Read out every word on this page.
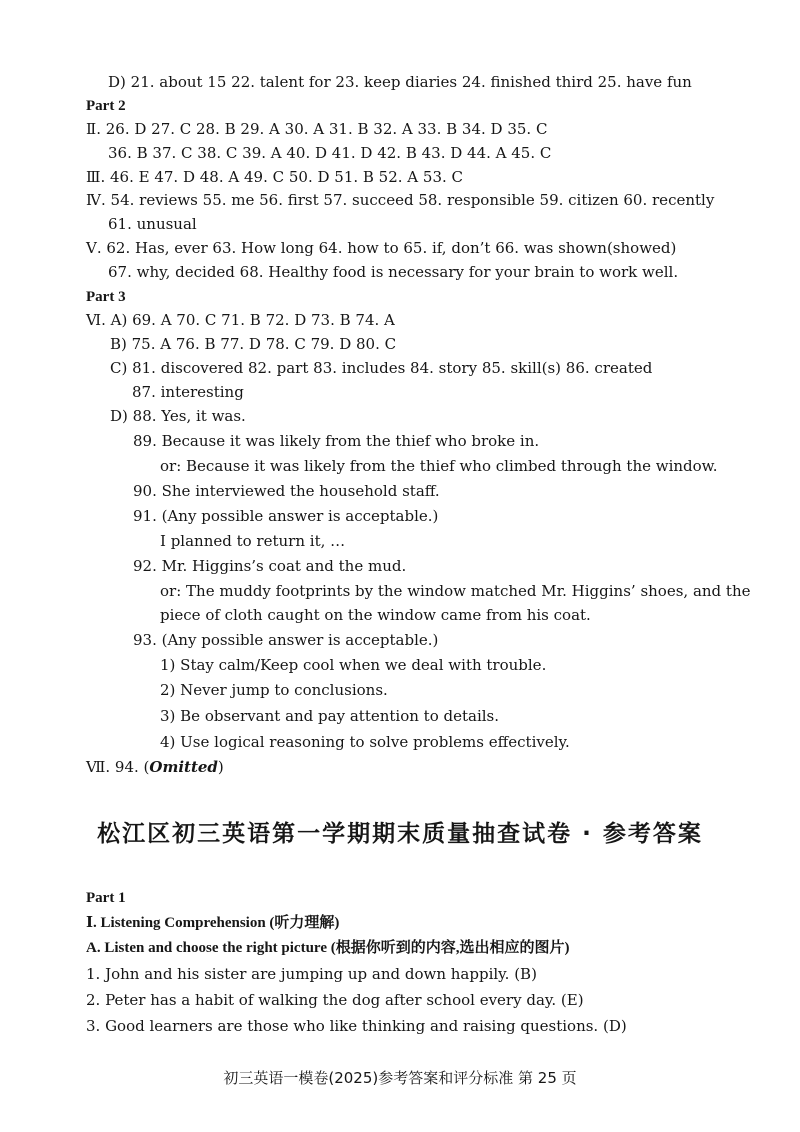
D) 21. about 15 22. talent for 23. keep diaries 24. finished third 25. have fun
Part 2
Ⅱ. 26. D 27. C 28. B 29. A 30. A 31. B 32. A 33. B 34. D 35. C
36. B 37. C 38. C 39. A 40. D 41. D 42. B 43. D 44. A 45. C
Ⅲ. 46. E 47. D 48. A 49. C 50. D 51. B 52. A 53. C
Ⅳ. 54. reviews 55. me 56. first 57. succeed 58. responsible 59. citizen 60. recently
61. unusual
Ⅴ. 62. Has, ever 63. How long 64. how to 65. if, don’t 66. was shown(showed)
67. why, decided 68. Healthy food is necessary for your brain to work well.
Part 3
Ⅵ. A) 69. A 70. C 71. B 72. D 73. B 74. A
B) 75. A 76. B 77. D 78. C 79. D 80. C
C) 81. discovered 82. part 83. includes 84. story 85. skill(s) 86. created
87. interesting
D) 88. Yes, it was.
89. Because it was likely from the thief who broke in.
or: Because it was likely from the thief who climbed through the window.
90. She interviewed the household staff.
91. (Any possible answer is acceptable.)
I planned to return it, …
92. Mr. Higgins’s coat and the mud.
or: The muddy footprints by the window matched Mr. Higgins’ shoes, and the
piece of cloth caught on the window came from his coat.
93. (Any possible answer is acceptable.)
1) Stay calm/Keep cool when we deal with trouble.
2) Never jump to conclusions.
3) Be observant and pay attention to details.
4) Use logical reasoning to solve problems effectively.
Ⅶ. 94. (Omitted)
松江区初三英语第一学期期末质量抽查试卷 · 参考答案
Part 1
Ⅰ. Listening Comprehension (听力理解)
A. Listen and choose the right picture (根据你听到的内容,选出相应的图片)
1. John and his sister are jumping up and down happily. (B)
2. Peter has a habit of walking the dog after school every day. (E)
3. Good learners are those who like thinking and raising questions. (D)
初三英语一模卷(2025)参考答案和评分标准 第 25 页
